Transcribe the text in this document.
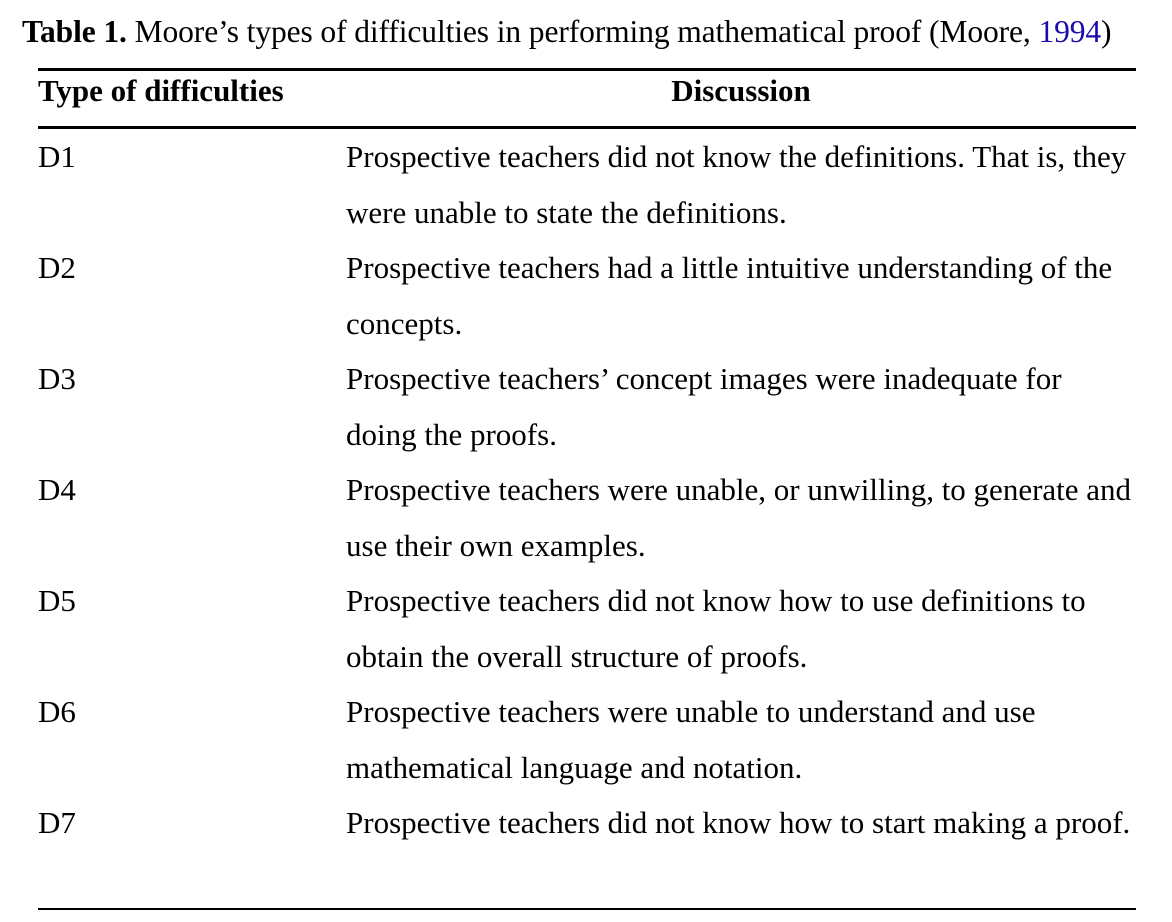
Table 1. Moore’s types of difficulties in performing mathematical proof (Moore, 1994)
Type of difficulties	Discussion

D1	Prospective teachers did not know the definitions. That is, they were unable to state the definitions.
D2	Prospective teachers had a little intuitive understanding of the concepts.
D3	Prospective teachers’ concept images were inadequate for doing the proofs.
D4	Prospective teachers were unable, or unwilling, to generate and use their own examples.
D5	Prospective teachers did not know how to use definitions to obtain the overall structure of proofs.
D6	Prospective teachers were unable to understand and use mathematical language and notation.
D7	Prospective teachers did not know how to start making a proof.
